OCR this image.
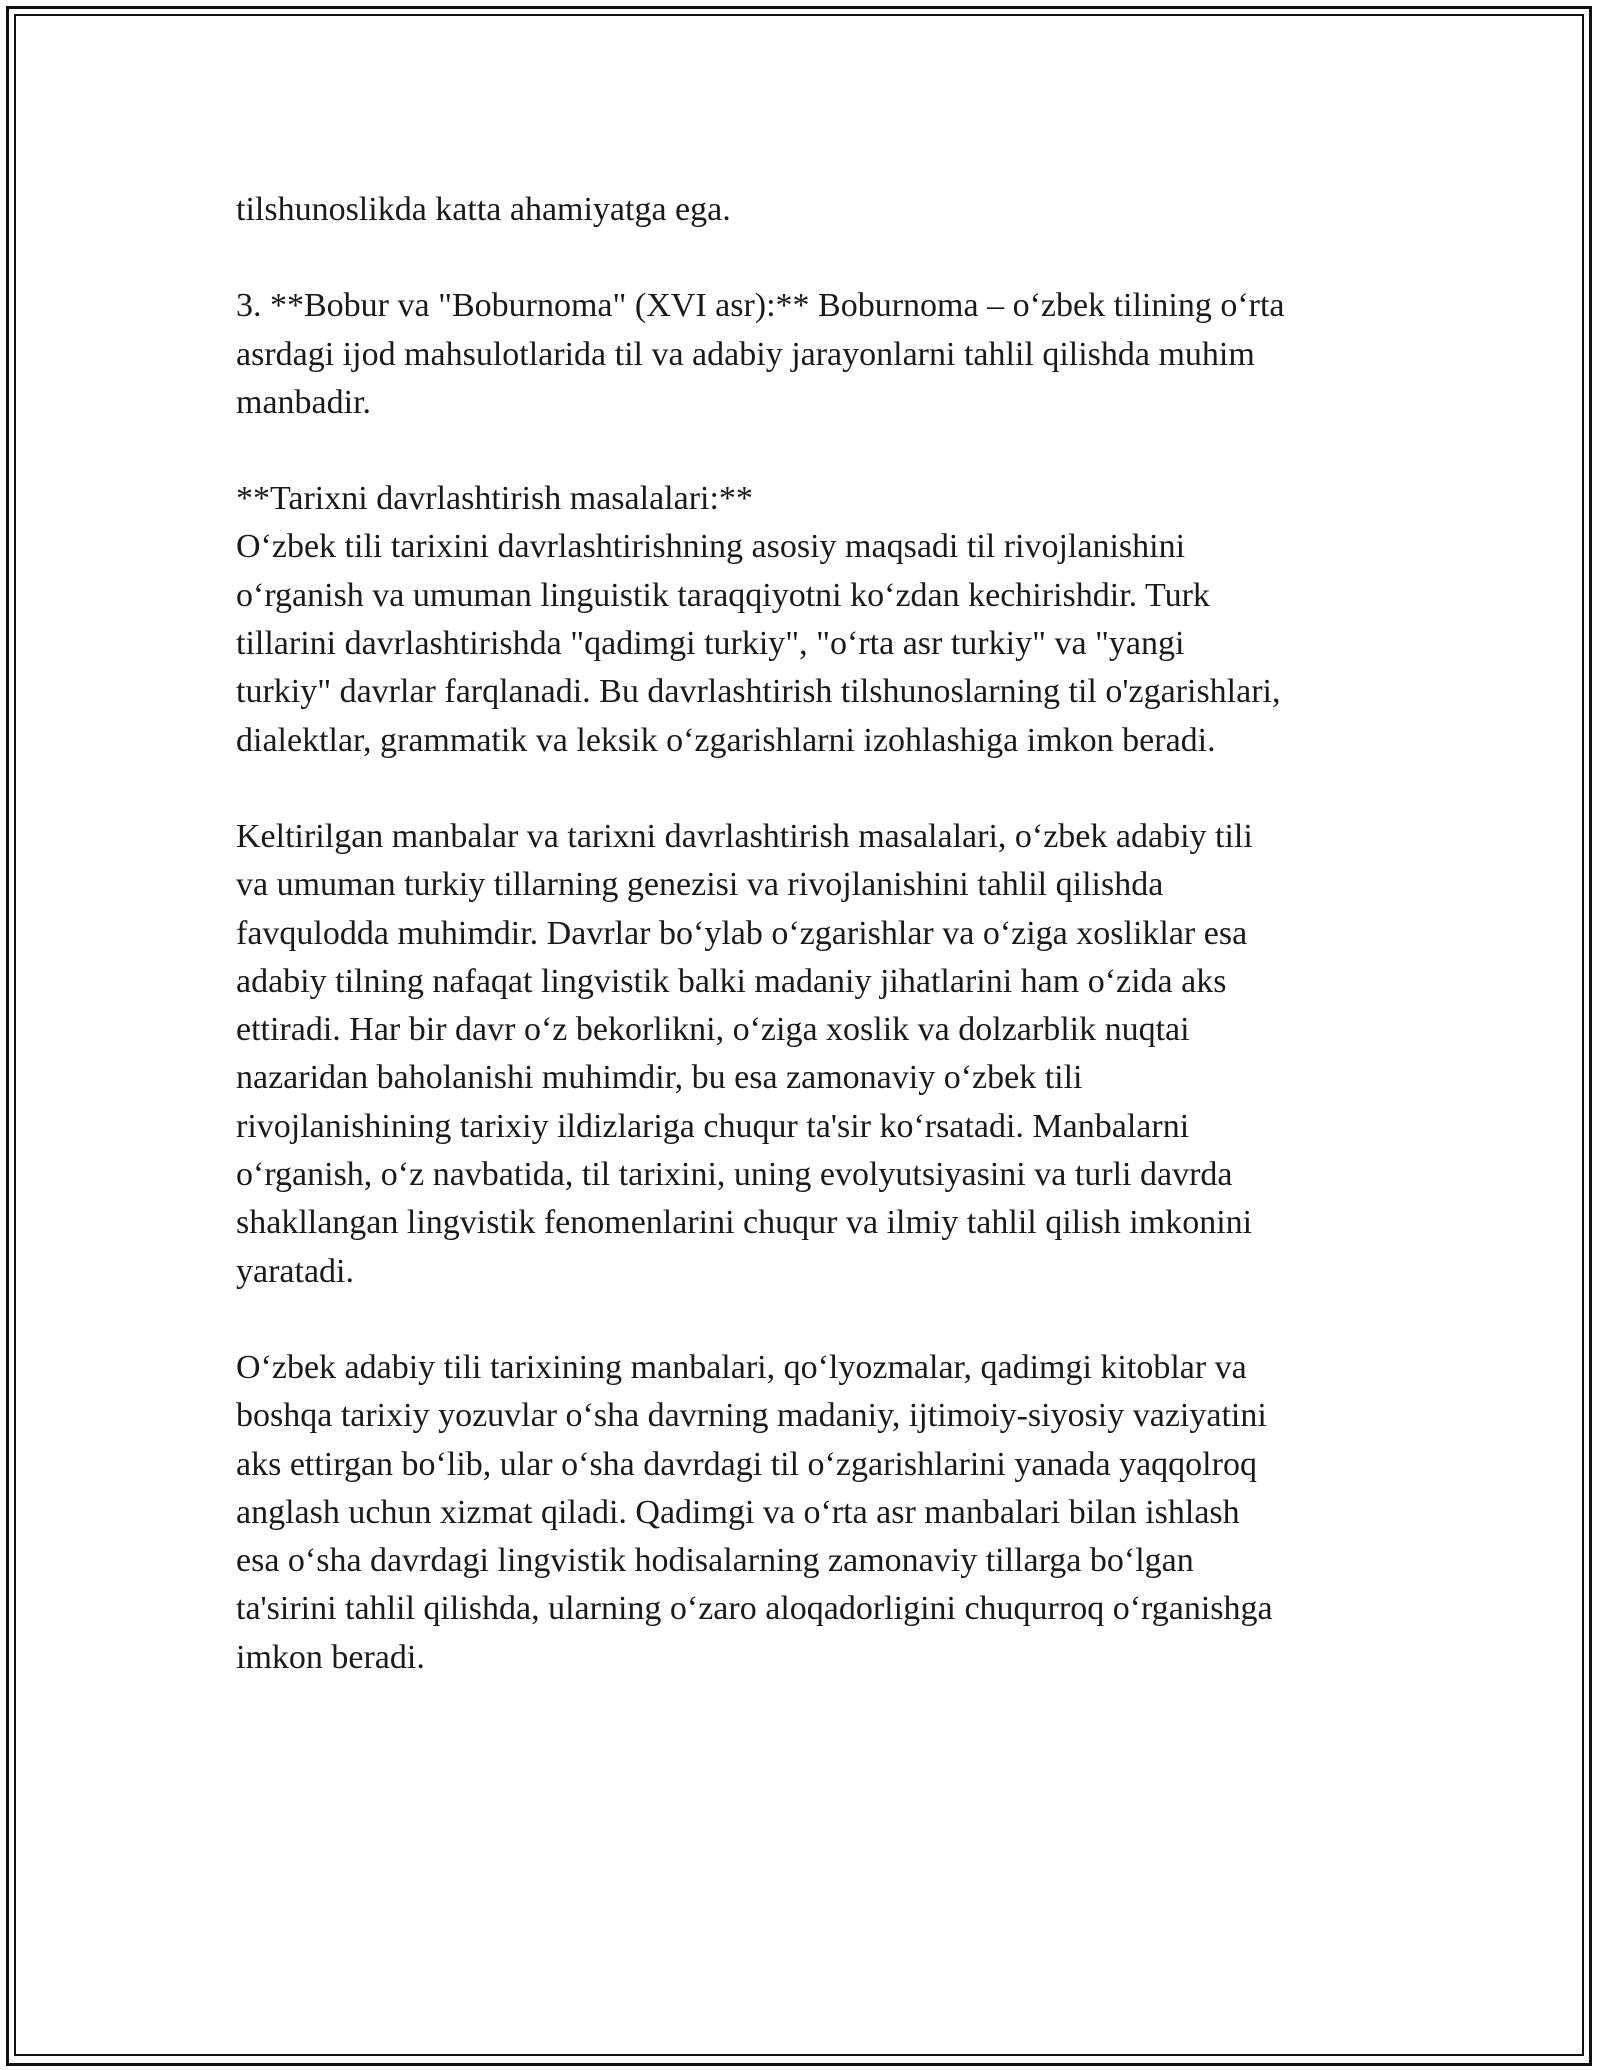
tilshunoslikda katta ahamiyatga ega.

3. **Bobur va "Boburnoma" (XVI asr):** Boburnoma – o‘zbek tilining o‘rta
asrdagi ijod mahsulotlarida til va adabiy jarayonlarni tahlil qilishda muhim
manbadir.

**Tarixni davrlashtirish masalalari:**

O‘zbek tili tarixini davrlashtirishning asosiy maqsadi til rivojlanishini
o‘rganish va umuman linguistik taraqqiyotni ko‘zdan kechirishdir. Turk
tillarini davrlashtirishda "qadimgi turkiy", "o‘rta asr turkiy" va "yangi
turkiy" davrlar farqlanadi. Bu davrlashtirish tilshunoslarning til o'zgarishlari,
dialektlar, grammatik va leksik o‘zgarishlarni izohlashiga imkon beradi.

Keltirilgan manbalar va tarixni davrlashtirish masalalari, o‘zbek adabiy tili
va umuman turkiy tillarning genezisi va rivojlanishini tahlil qilishda
favqulodda muhimdir. Davrlar bo‘ylab o‘zgarishlar va o‘ziga xosliklar esa
adabiy tilning nafaqat lingvistik balki madaniy jihatlarini ham o‘zida aks
ettiradi. Har bir davr o‘z bekorlikni, o‘ziga xoslik va dolzarblik nuqtai
nazaridan baholanishi muhimdir, bu esa zamonaviy o‘zbek tili
rivojlanishining tarixiy ildizlariga chuqur ta'sir ko‘rsatadi. Manbalarni
o‘rganish, o‘z navbatida, til tarixini, uning evolyutsiyasini va turli davrda
shakllangan lingvistik fenomenlarini chuqur va ilmiy tahlil qilish imkonini
yaratadi.

O‘zbek adabiy tili tarixining manbalari, qo‘lyozmalar, qadimgi kitoblar va
boshqa tarixiy yozuvlar o‘sha davrning madaniy, ijtimoiy-siyosiy vaziyatini
aks ettirgan bo‘lib, ular o‘sha davrdagi til o‘zgarishlarini yanada yaqqolroq
anglash uchun xizmat qiladi. Qadimgi va o‘rta asr manbalari bilan ishlash
esa o‘sha davrdagi lingvistik hodisalarning zamonaviy tillarga bo‘lgan
ta'sirini tahlil qilishda, ularning o‘zaro aloqadorligini chuqurroq o‘rganishga
imkon beradi.
